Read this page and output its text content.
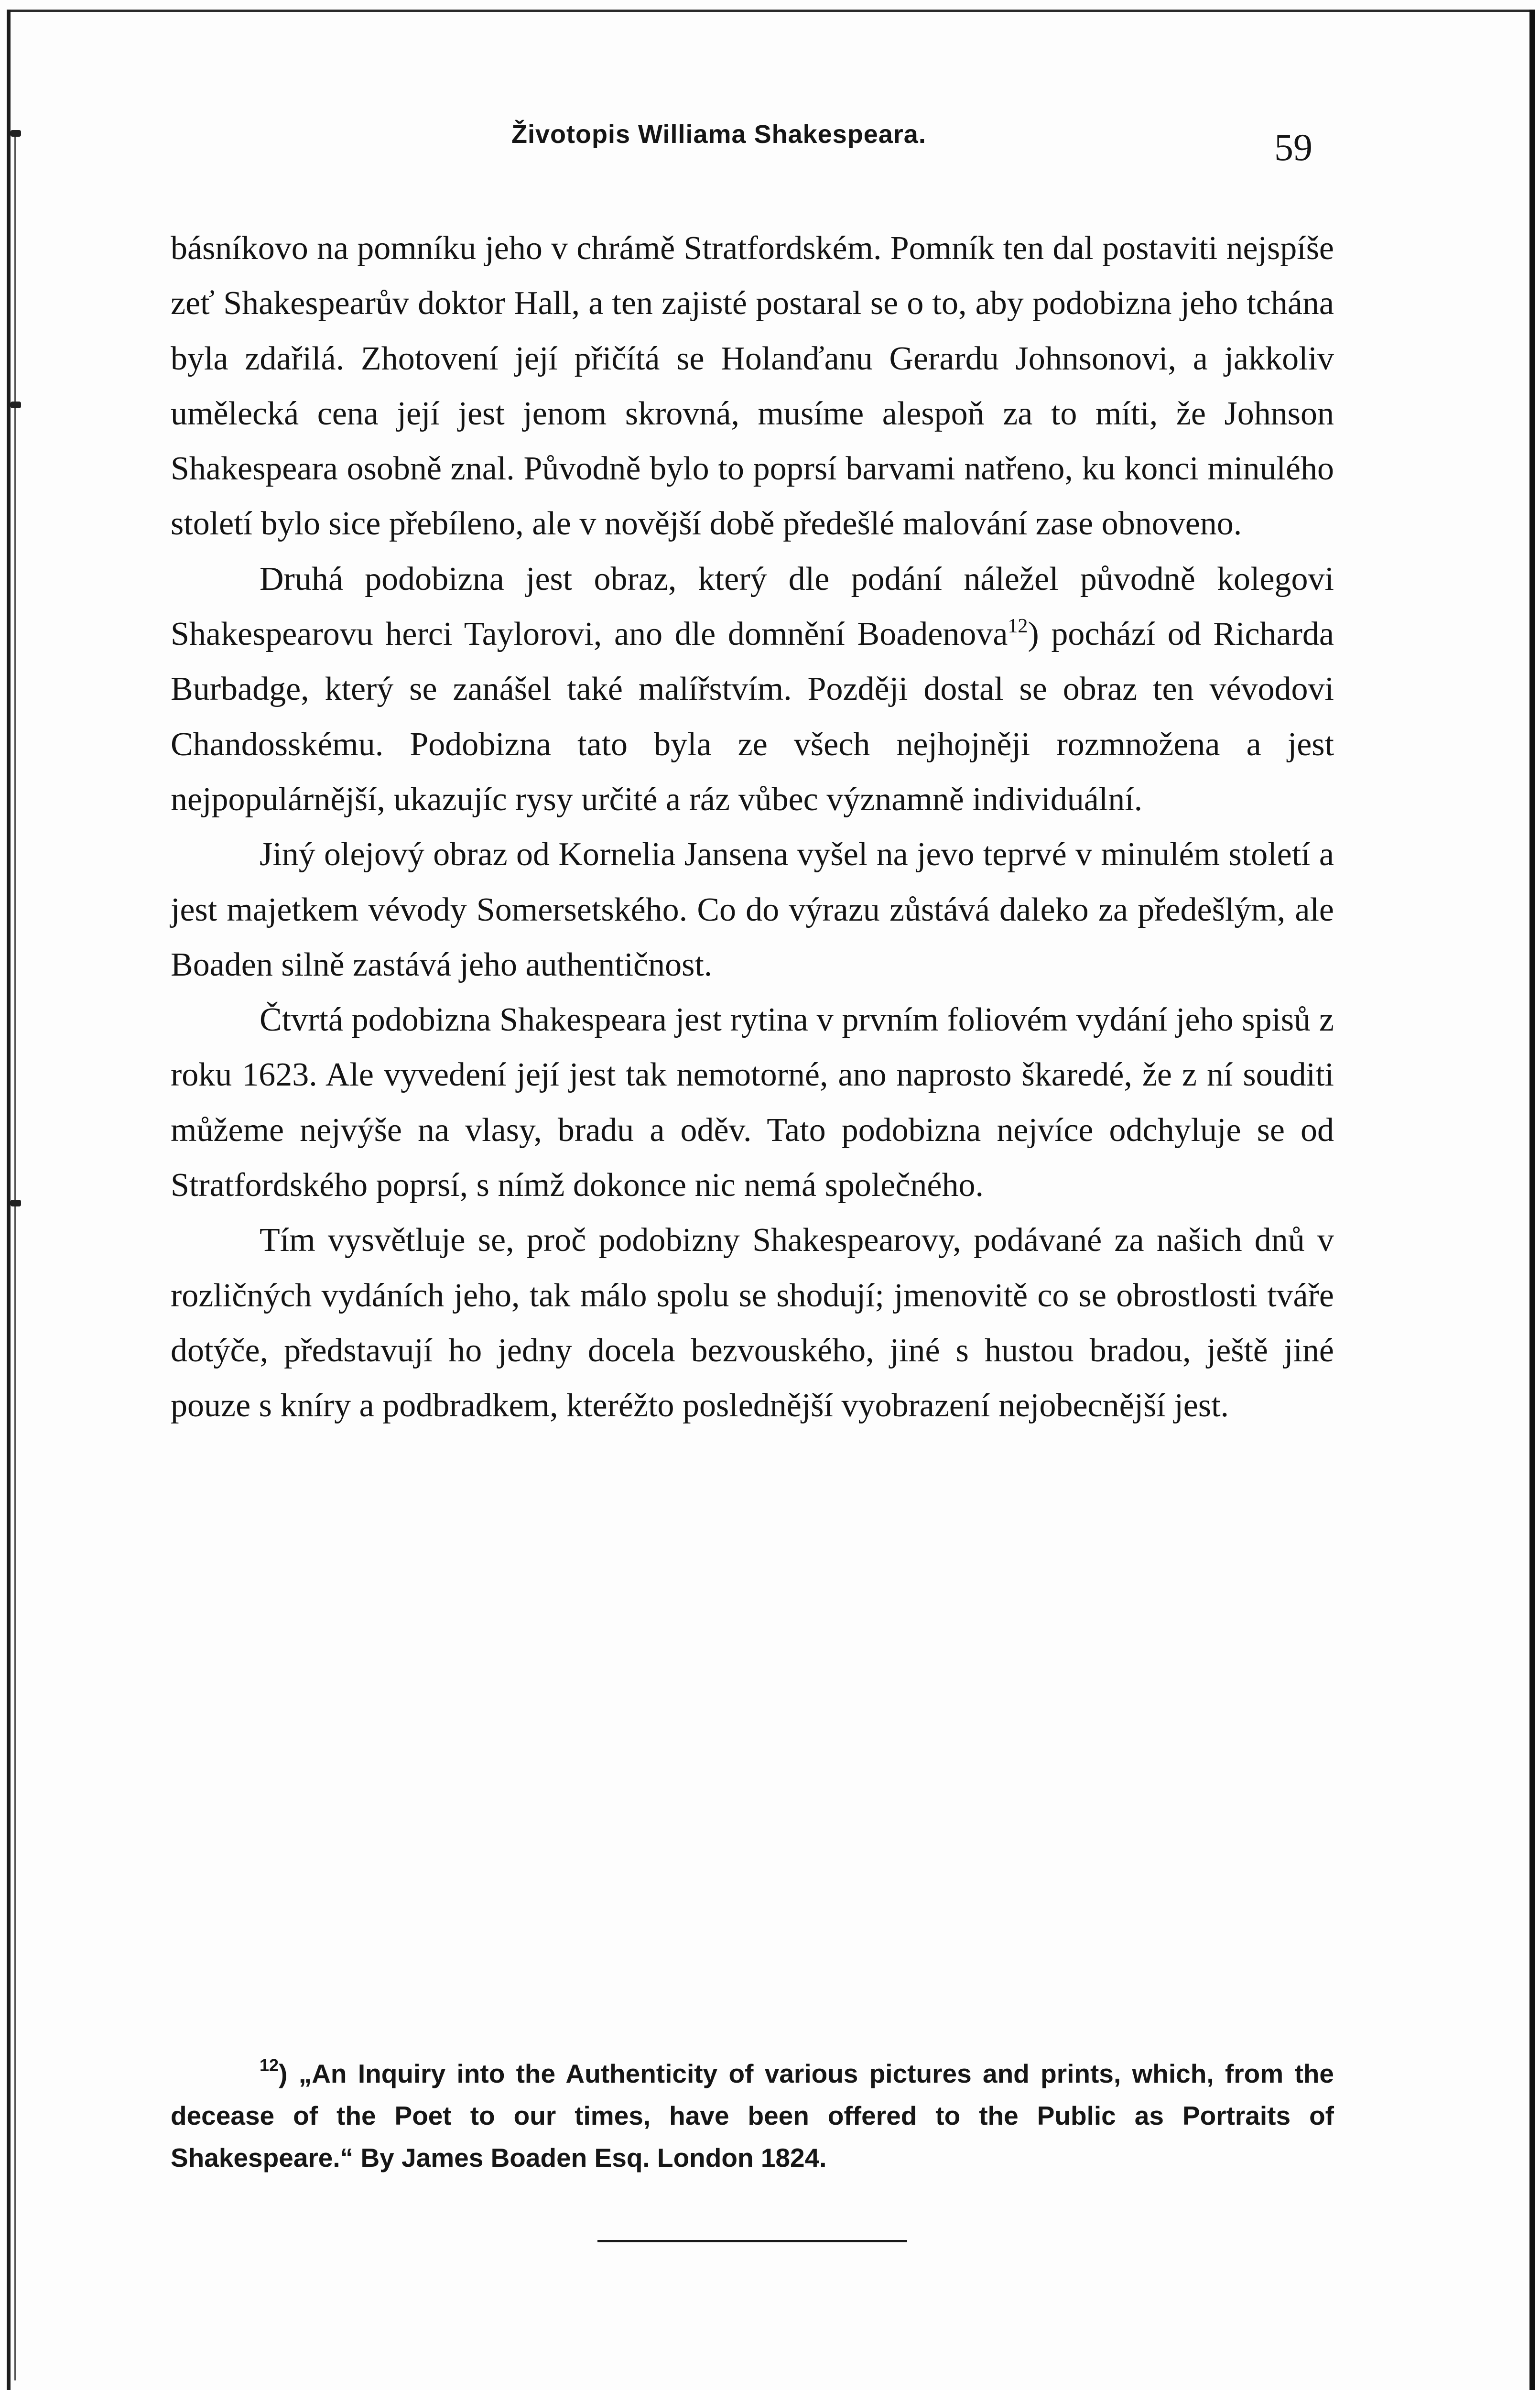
Životopis Williama Shakespeara.	59

básníkovo na pomníku jeho v chrámě Stratfordském. Pomník ten dal postaviti nejspíše zeť Shakespearův doktor Hall, a ten zajisté postaral se o to, aby podobizna jeho tchána byla zdařilá. Zhotovení její přičítá se Holanďanu Gerardu Johnsonovi, a jakkoliv umělecká cena její jest jenom skrovná, musíme alespoň za to míti, že Johnson Shakespeara osobně znal. Původně bylo to poprsí barvami natřeno, ku konci minulého století bylo sice přebíleno, ale v novější době předešlé malování zase obnoveno.

Druhá podobizna jest obraz, který dle podání náležel původně kolegovi Shakespearovu herci Taylorovi, ano dle domnění Boadenova$^{12}$) pochází od Richarda Burbadge, který se zanášel také malířstvím. Později dostal se obraz ten vévodovi Chandosskému. Podobizna tato byla ze všech nejhojněji rozmnožena a jest nejpopulárnější, ukazujíc rysy určité a ráz vůbec významně individuální.

Jiný olejový obraz od Kornelia Jansena vyšel na jevo teprvé v minulém století a jest majetkem vévody Somersetského. Co do výrazu zůstává daleko za předešlým, ale Boaden silně zastává jeho authentičnost.

Čtvrtá podobizna Shakespeara jest rytina v prvním foliovém vydání jeho spisů z roku 1623. Ale vyvedení její jest tak nemotorné, ano naprosto škaredé, že z ní souditi můžeme nejvýše na vlasy, bradu a oděv. Tato podobizna nejvíce odchyluje se od Stratfordského poprsí, s nímž dokonce nic nemá společného.

Tím vysvětluje se, proč podobizny Shakespearovy, podávané za našich dnů v rozličných vydáních jeho, tak málo spolu se shodují; jmenovitě co se obrostlosti tváře dotýče, představují ho jedny docela bezvouského, jiné s hustou bradou, ještě jiné pouze s kníry a podbradkem, kteréžto poslednější vyobrazení nejobecnější jest.

$^{12}$) „An Inquiry into the Authenticity of various pictures and prints, which, from the decease of the Poet to our times, have been offered to the Public as Portraits of Shakespeare.“ By James Boaden Esq. London 1824.
